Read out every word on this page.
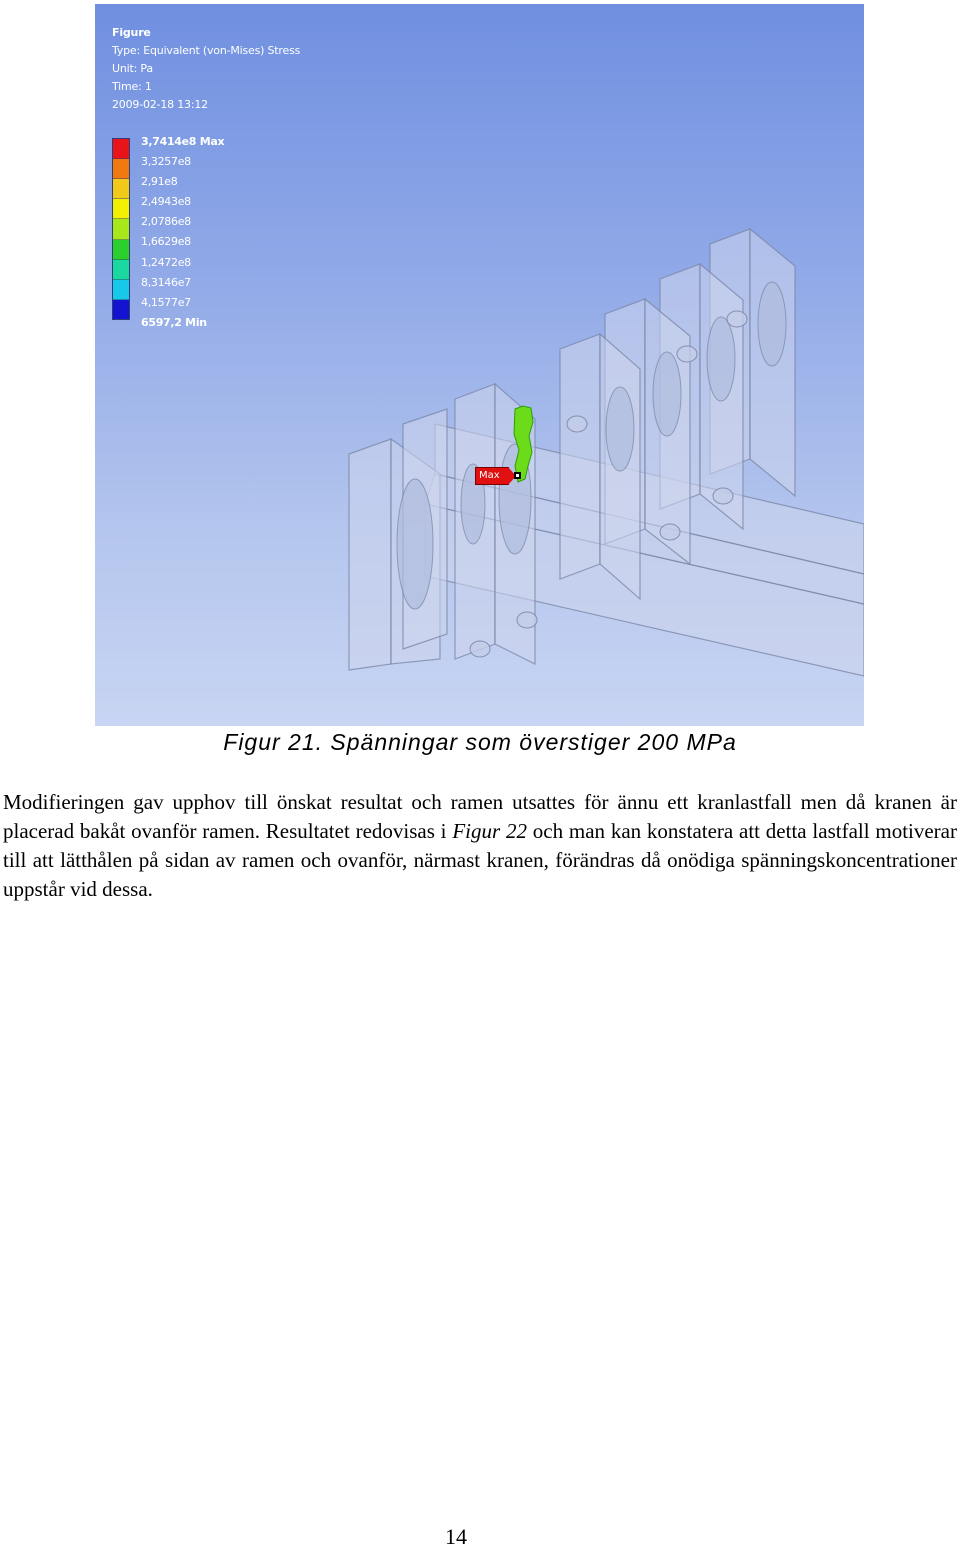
Figure
Type: Equivalent (von-Mises) Stress
Unit: Pa
Time: 1
2009-02-18 13:12
3,7414e8 Max
3,3257e8
2,91e8
2,4943e8
2,0786e8
1,6629e8
1,2472e8
8,3146e7
4,1577e7
6597,2 Min
Max
Figur 21. Spänningar som överstiger 200 MPa

Modifieringen gav upphov till önskat resultat och ramen utsattes för ännu ett kranlastfall men då kranen är placerad bakåt ovanför ramen. Resultatet redovisas i Figur 22 och man kan konstatera att detta lastfall motiverar till att lätthålen på sidan av ramen och ovanför, närmast kranen, förändras då onödiga spänningskoncentrationer uppstår vid dessa.

14
